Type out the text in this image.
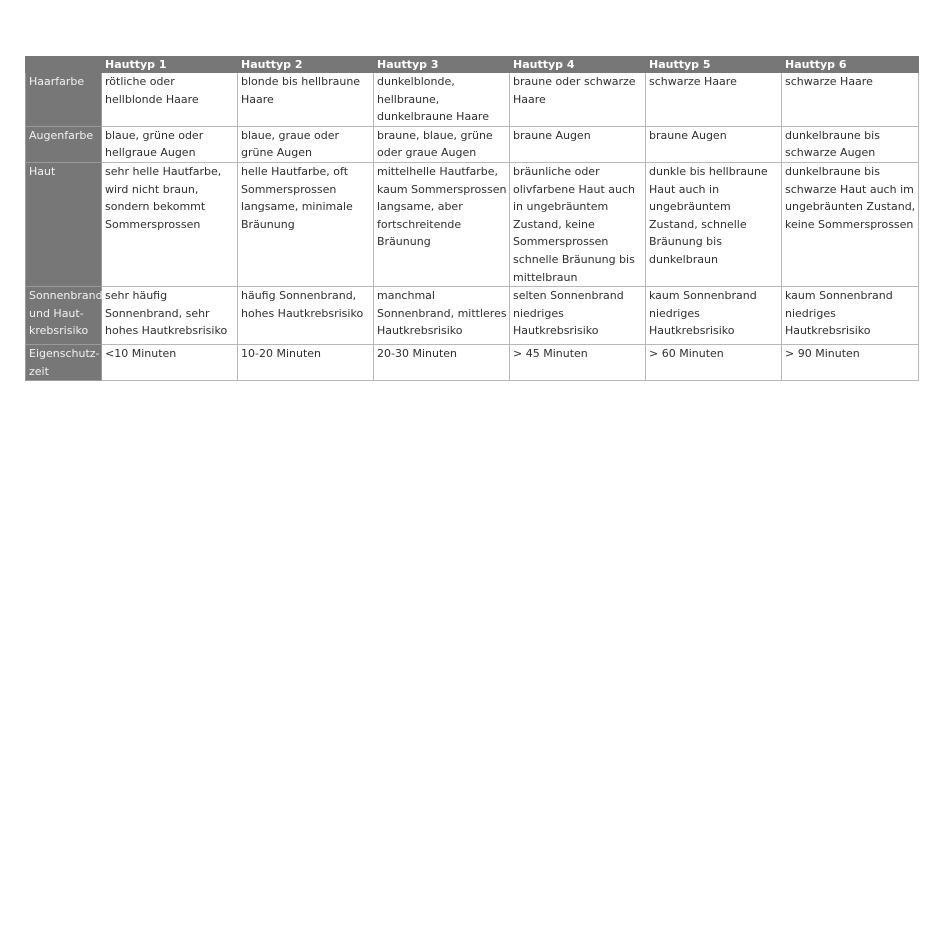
	Hauttyp 1	Hauttyp 2	Hauttyp 3	Hauttyp 4	Hauttyp 5	Hauttyp 6
Haarfarbe	rötliche oder hellblonde Haare	blonde bis hellbraune Haare	dunkelblonde, hellbraune, dunkelbraune Haare	braune oder schwarze Haare	schwarze Haare	schwarze Haare
Augenfarbe	blaue, grüne oder hellgraue Augen	blaue, graue oder grüne Augen	braune, blaue, grüne oder graue Augen	braune Augen	braune Augen	dunkelbraune bis schwarze Augen
Haut	sehr helle Hautfarbe, wird nicht braun, sondern bekommt Sommersprossen	helle Hautfarbe, oft Sommersprossen langsame, minimale Bräunung	mittelhelle Hautfarbe, kaum Sommersprossen langsame, aber fortschreitende Bräunung	bräunliche oder olivfarbene Haut auch in ungebräuntem Zustand, keine Sommersprossen schnelle Bräunung bis mittelbraun	dunkle bis hellbraune Haut auch in ungebräuntem Zustand, schnelle Bräunung bis dunkelbraun	dunkelbraune bis schwarze Haut auch im ungebräunten Zustand, keine Sommersprossen
Sonnenbrand und Haut-krebsrisiko	sehr häufig Sonnenbrand, sehr hohes Hautkrebsrisiko	häufig Sonnenbrand, hohes Hautkrebsrisiko	manchmal Sonnenbrand, mittleres Hautkrebsrisiko	selten Sonnenbrand niedriges Hautkrebsrisiko	kaum Sonnenbrand niedriges Hautkrebsrisiko	kaum Sonnenbrand niedriges Hautkrebsrisiko
Eigenschutz-zeit	<10 Minuten	10-20 Minuten	20-30 Minuten	> 45 Minuten	> 60 Minuten	> 90 Minuten
